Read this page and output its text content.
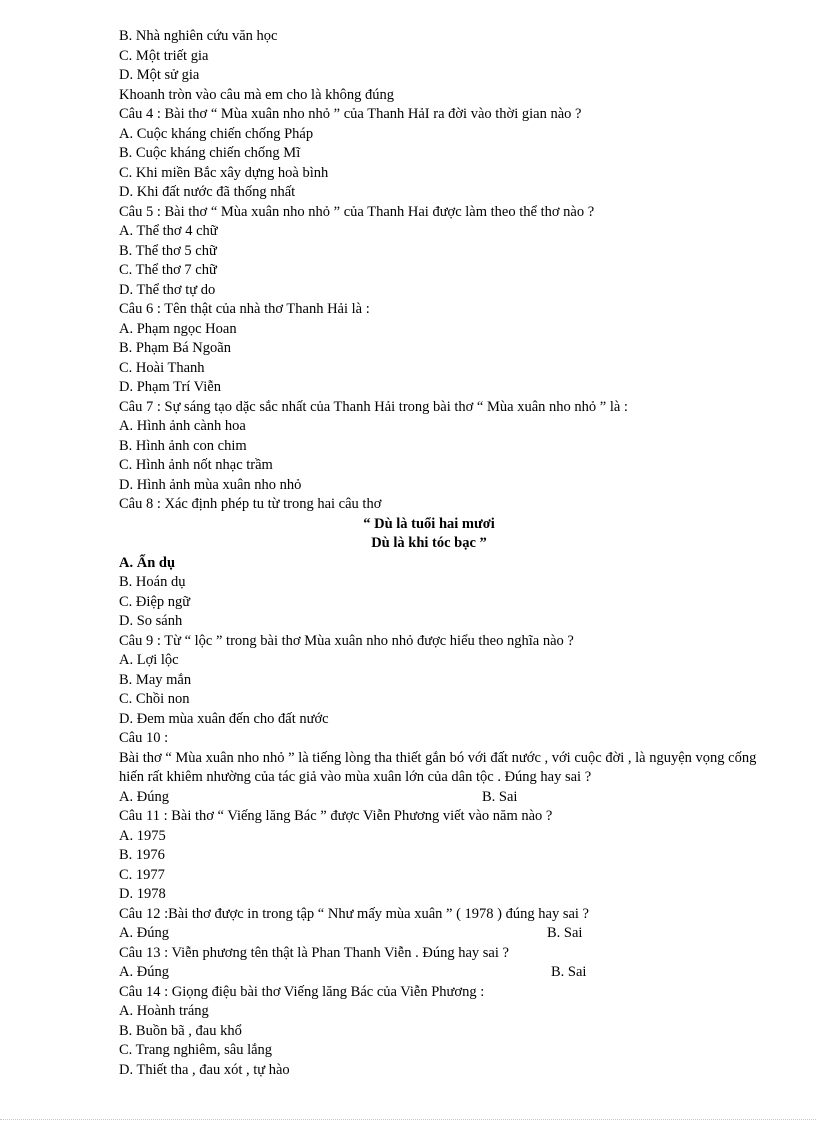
B. Nhà nghiên cứu văn học
C. Một triết gia
D. Một sử gia
Khoanh tròn vào câu mà em cho là không đúng
Câu 4 : Bài thơ “ Mùa xuân nho nhỏ ” của Thanh HảI ra đời vào thời gian nào ?
A. Cuộc kháng chiến chống Pháp
B. Cuộc kháng chiến chống Mĩ
C. Khi miền Bắc xây dựng hoà bình
D. Khi đất nước đã thống nhất
Câu 5 : Bài thơ “ Mùa xuân nho nhỏ ” của Thanh Hai được làm theo thể thơ nào ?
A. Thể thơ 4 chữ
B. Thể thơ 5 chữ
C. Thể thơ 7 chữ
D. Thể thơ tự do
Câu 6 : Tên thật của nhà thơ Thanh Hải là :
A. Phạm ngọc Hoan
B. Phạm Bá Ngoãn
C. Hoài Thanh
D. Phạm Trí Viễn
Câu 7 : Sự sáng tạo dặc sắc nhất của Thanh Hải trong bài thơ “ Mùa xuân nho nhỏ ” là :
A. Hình ảnh cành hoa
B. Hình ảnh con chim
C. Hình ảnh nốt nhạc trầm
D. Hình ảnh mùa xuân nho nhỏ
Câu 8 : Xác định phép tu từ trong hai câu thơ
“ Dù là tuổi hai mươi
Dù là khi tóc bạc ”
A. Ẩn dụ
B. Hoán dụ
C. Điệp ngữ
D. So sánh
Câu 9 : Từ “ lộc ” trong bài thơ Mùa xuân nho nhỏ được hiểu theo nghĩa nào ?
A. Lợi lộc
B. May mắn
C. Chồi non
D. Đem mùa xuân đến cho đất nước
Câu 10 :
Bài thơ “ Mùa xuân nho nhỏ ” là tiếng lòng tha thiết gắn bó với đất nước , với cuộc đời , là nguyện vọng cống hiến rất khiêm nhường của tác giả vào mùa xuân lớn của dân tộc . Đúng hay sai ?
A. Đúng	B. Sai
Câu 11 : Bài thơ “ Viếng lăng Bác ” được Viễn Phương viết vào năm nào ?
A. 1975
B. 1976
C. 1977
D. 1978
Câu 12 :Bài thơ được in trong tập “ Như mấy mùa xuân ” ( 1978 ) đúng hay sai ?
A. Đúng	B. Sai
Câu 13 : Viễn phương tên thật là Phan Thanh Viễn . Đúng hay sai ?
A. Đúng	B. Sai
Câu 14 : Giọng điệu bài thơ Viếng lăng Bác của Viễn Phương :
A. Hoành tráng
B. Buồn bã , đau khổ
C. Trang nghiêm, sâu lắng
D. Thiết tha , đau xót , tự hào
